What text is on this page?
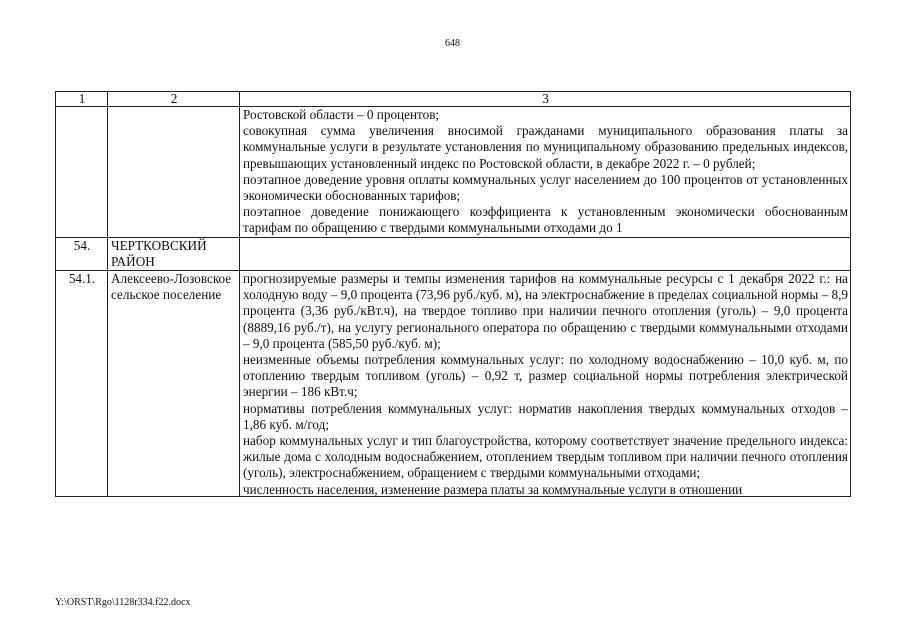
648
1	2	3

		Ростовской области – 0 процентов;

совокупная сумма увеличения вносимой гражданами муниципального образования платы за коммунальные услуги в результате установления по муниципальному образованию предельных индексов, превышающих установленный индекс по Ростовской области, в декабре 2022 г. – 0 рублей;

поэтапное доведение уровня оплаты коммунальных услуг населением до 100 процентов от установленных экономически обоснованных тарифов;

поэтапное доведение понижающего коэффициента к установленным экономически обоснованным тарифам по обращению с твердыми коммунальными отходами до 1

54.	ЧЕРТКОВСКИЙ РАЙОН	
54.1.	Алексеево-Лозовское сельское поселение	прогнозируемые размеры и темпы изменения тарифов на коммунальные ресурсы с 1 декабря 2022 г.: на холодную воду – 9,0 процента (73,96 руб./куб. м), на электроснабжение в пределах социальной нормы – 8,9 процента (3,36 руб./кВт.ч), на твердое топливо при наличии печного отопления (уголь) – 9,0 процента (8889,16 руб./т), на услугу регионального оператора по обращению с твердыми коммунальными отходами – 9,0 процента (585,50 руб./куб. м);

неизменные объемы потребления коммунальных услуг: по холодному водоснабжению – 10,0 куб. м, по отоплению твердым топливом (уголь) – 0,92 т, размер социальной нормы потребления электрической энергии – 186 кВт.ч;

нормативы потребления коммунальных услуг: норматив накопления твердых коммунальных отходов – 1,86 куб. м/год;

набор коммунальных услуг и тип благоустройства, которому соответствует значение предельного индекса: жилые дома с холодным водоснабжением, отоплением твердым топливом при наличии печного отопления (уголь), электроснабжением, обращением с твердыми коммунальными отходами;

численность населения, изменение размера платы за коммунальные услуги в отношении

Y:\ORST\Rgo\1128r334.f22.docx
